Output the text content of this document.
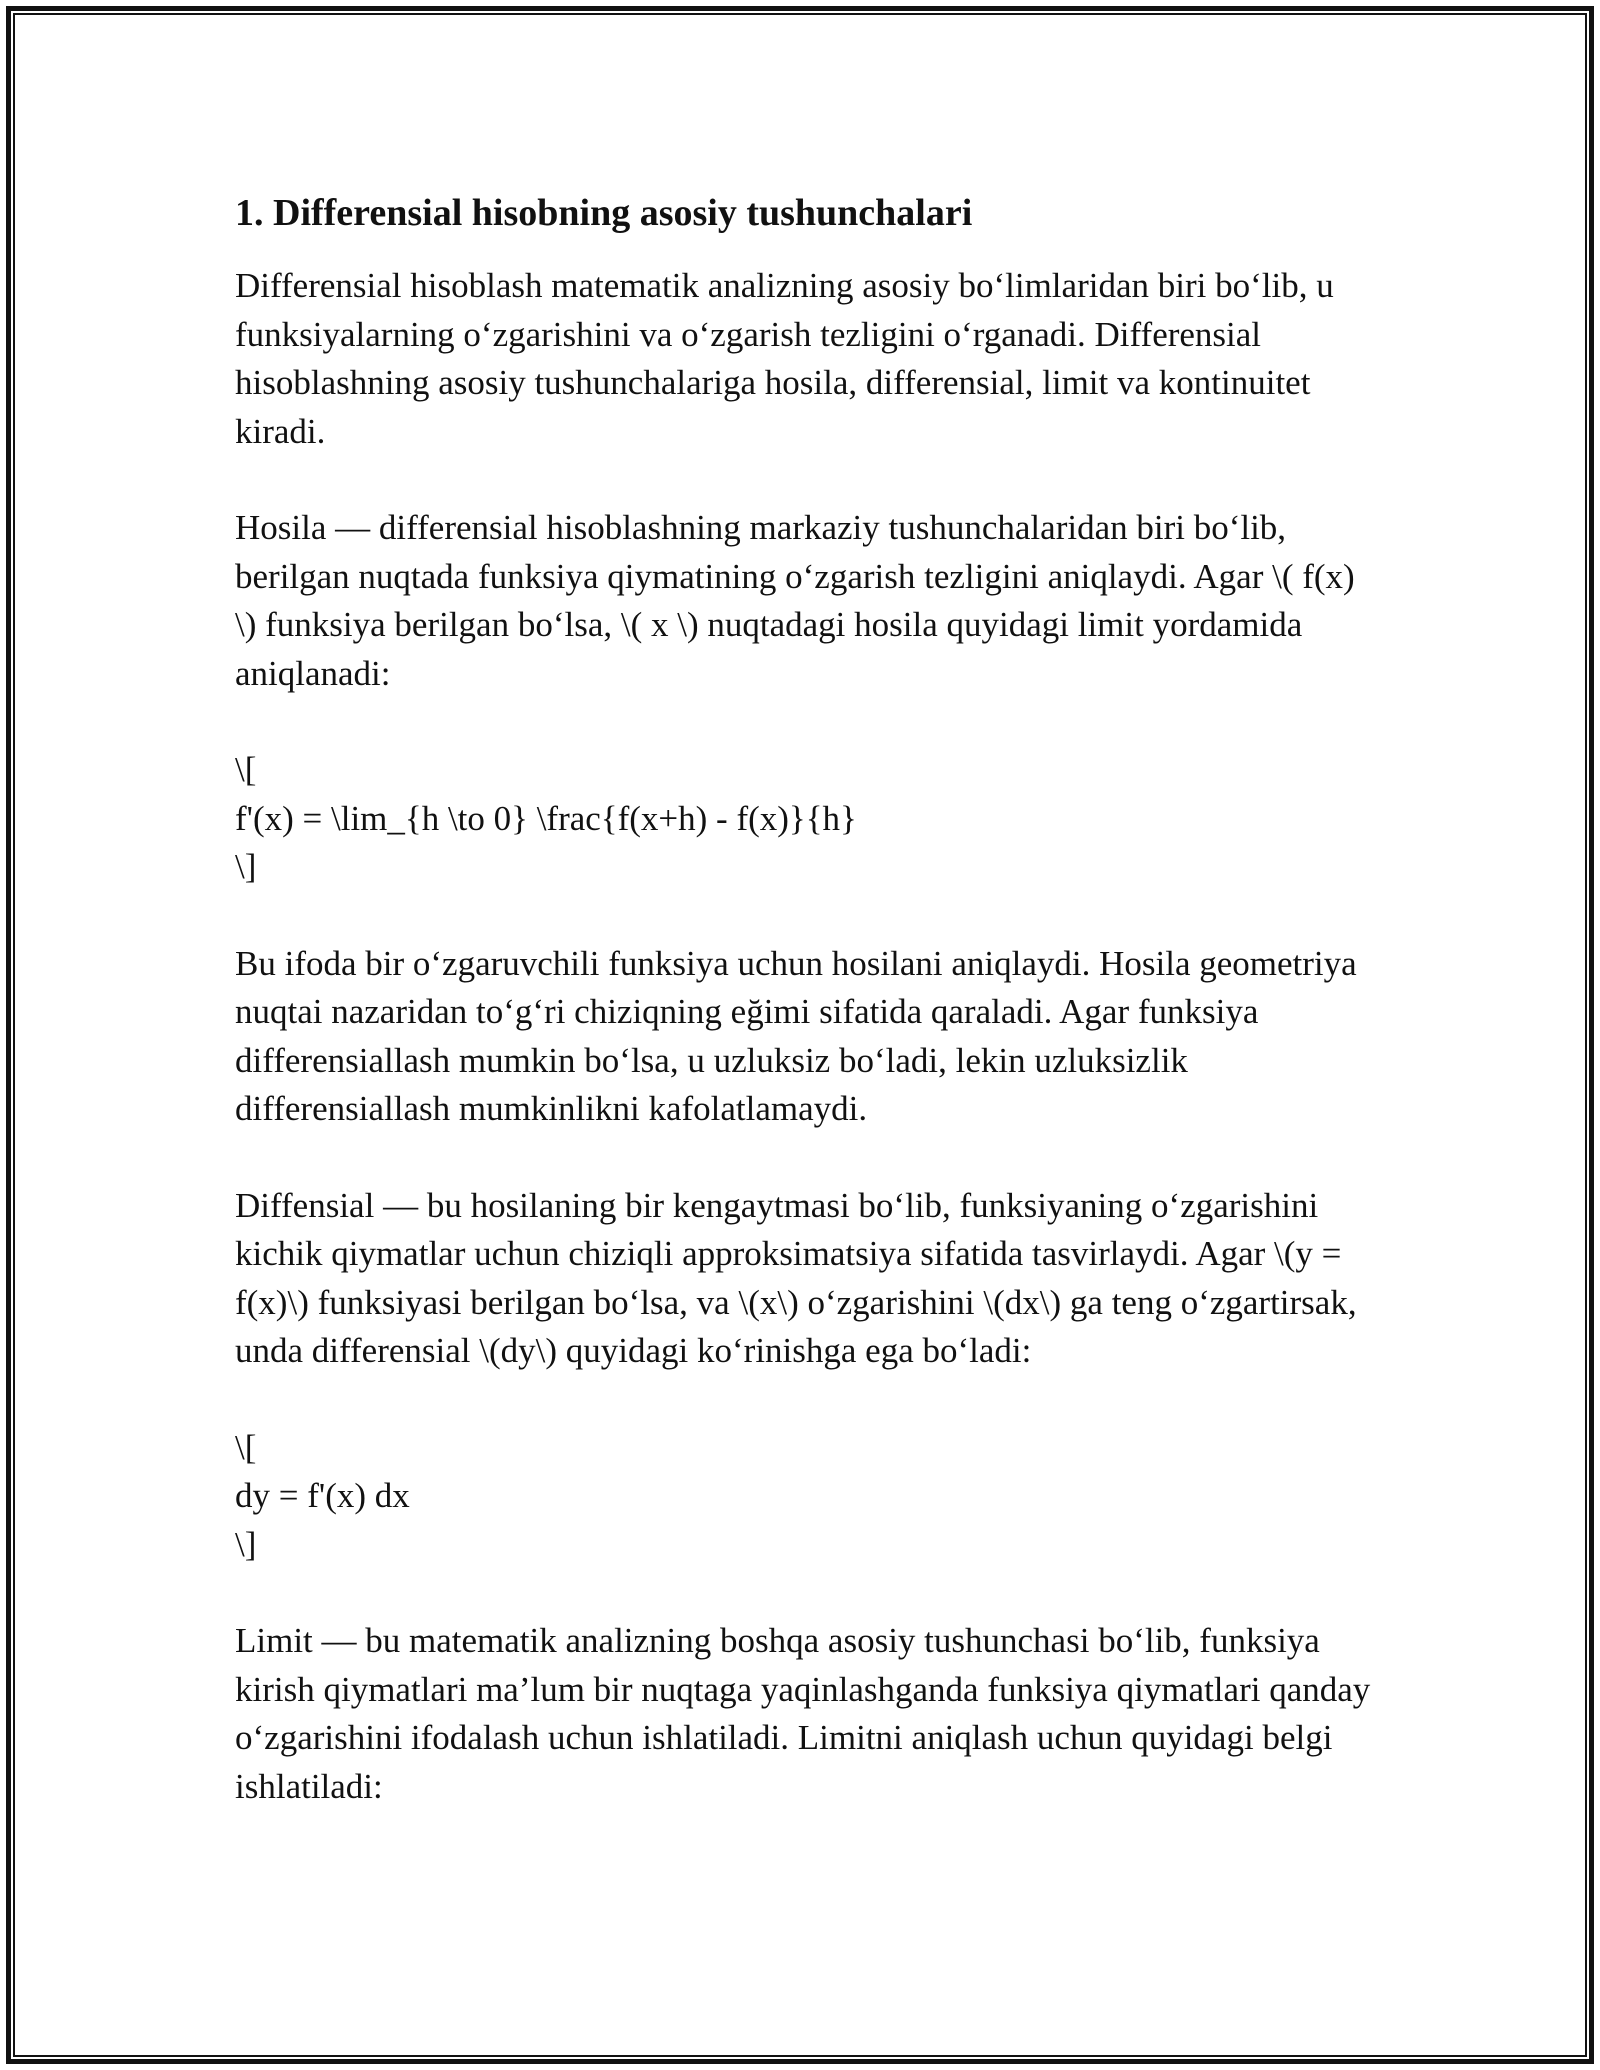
1. Differensial hisobning asosiy tushunchalari

Differensial hisoblash matematik analizning asosiy bo‘limlaridan biri bo‘lib, u funksiyalarning o‘zgarishini va o‘zgarish tezligini o‘rganadi. Differensial hisoblashning asosiy tushunchalariga hosila, differensial, limit va kontinuitet kiradi.

Hosila — differensial hisoblashning markaziy tushunchalaridan biri bo‘lib, berilgan nuqtada funksiya qiymatining o‘zgarish tezligini aniqlaydi. Agar \( f(x) \) funksiya berilgan bo‘lsa, \( x \) nuqtadagi hosila quyidagi limit yordamida aniqlanadi:

\[
f'(x) = \lim_{h \to 0} \frac{f(x+h) - f(x)}{h}
\]

Bu ifoda bir o‘zgaruvchili funksiya uchun hosilani aniqlaydi. Hosila geometriya nuqtai nazaridan to‘g‘ri chiziqning eğimi sifatida qaraladi. Agar funksiya differensiallash mumkin bo‘lsa, u uzluksiz bo‘ladi, lekin uzluksizlik differensiallash mumkinlikni kafolatlamaydi.

Diffensial — bu hosilaning bir kengaytmasi bo‘lib, funksiyaning o‘zgarishini kichik qiymatlar uchun chiziqli approksimatsiya sifatida tasvirlaydi. Agar \(y = f(x)\) funksiyasi berilgan bo‘lsa, va \(x\) o‘zgarishini \(dx\) ga teng o‘zgartirsak, unda differensial \(dy\) quyidagi ko‘rinishga ega bo‘ladi:

\[
dy = f'(x) dx
\]

Limit — bu matematik analizning boshqa asosiy tushunchasi bo‘lib, funksiya kirish qiymatlari ma’lum bir nuqtaga yaqinlashganda funksiya qiymatlari qanday o‘zgarishini ifodalash uchun ishlatiladi. Limitni aniqlash uchun quyidagi belgi ishlatiladi:
